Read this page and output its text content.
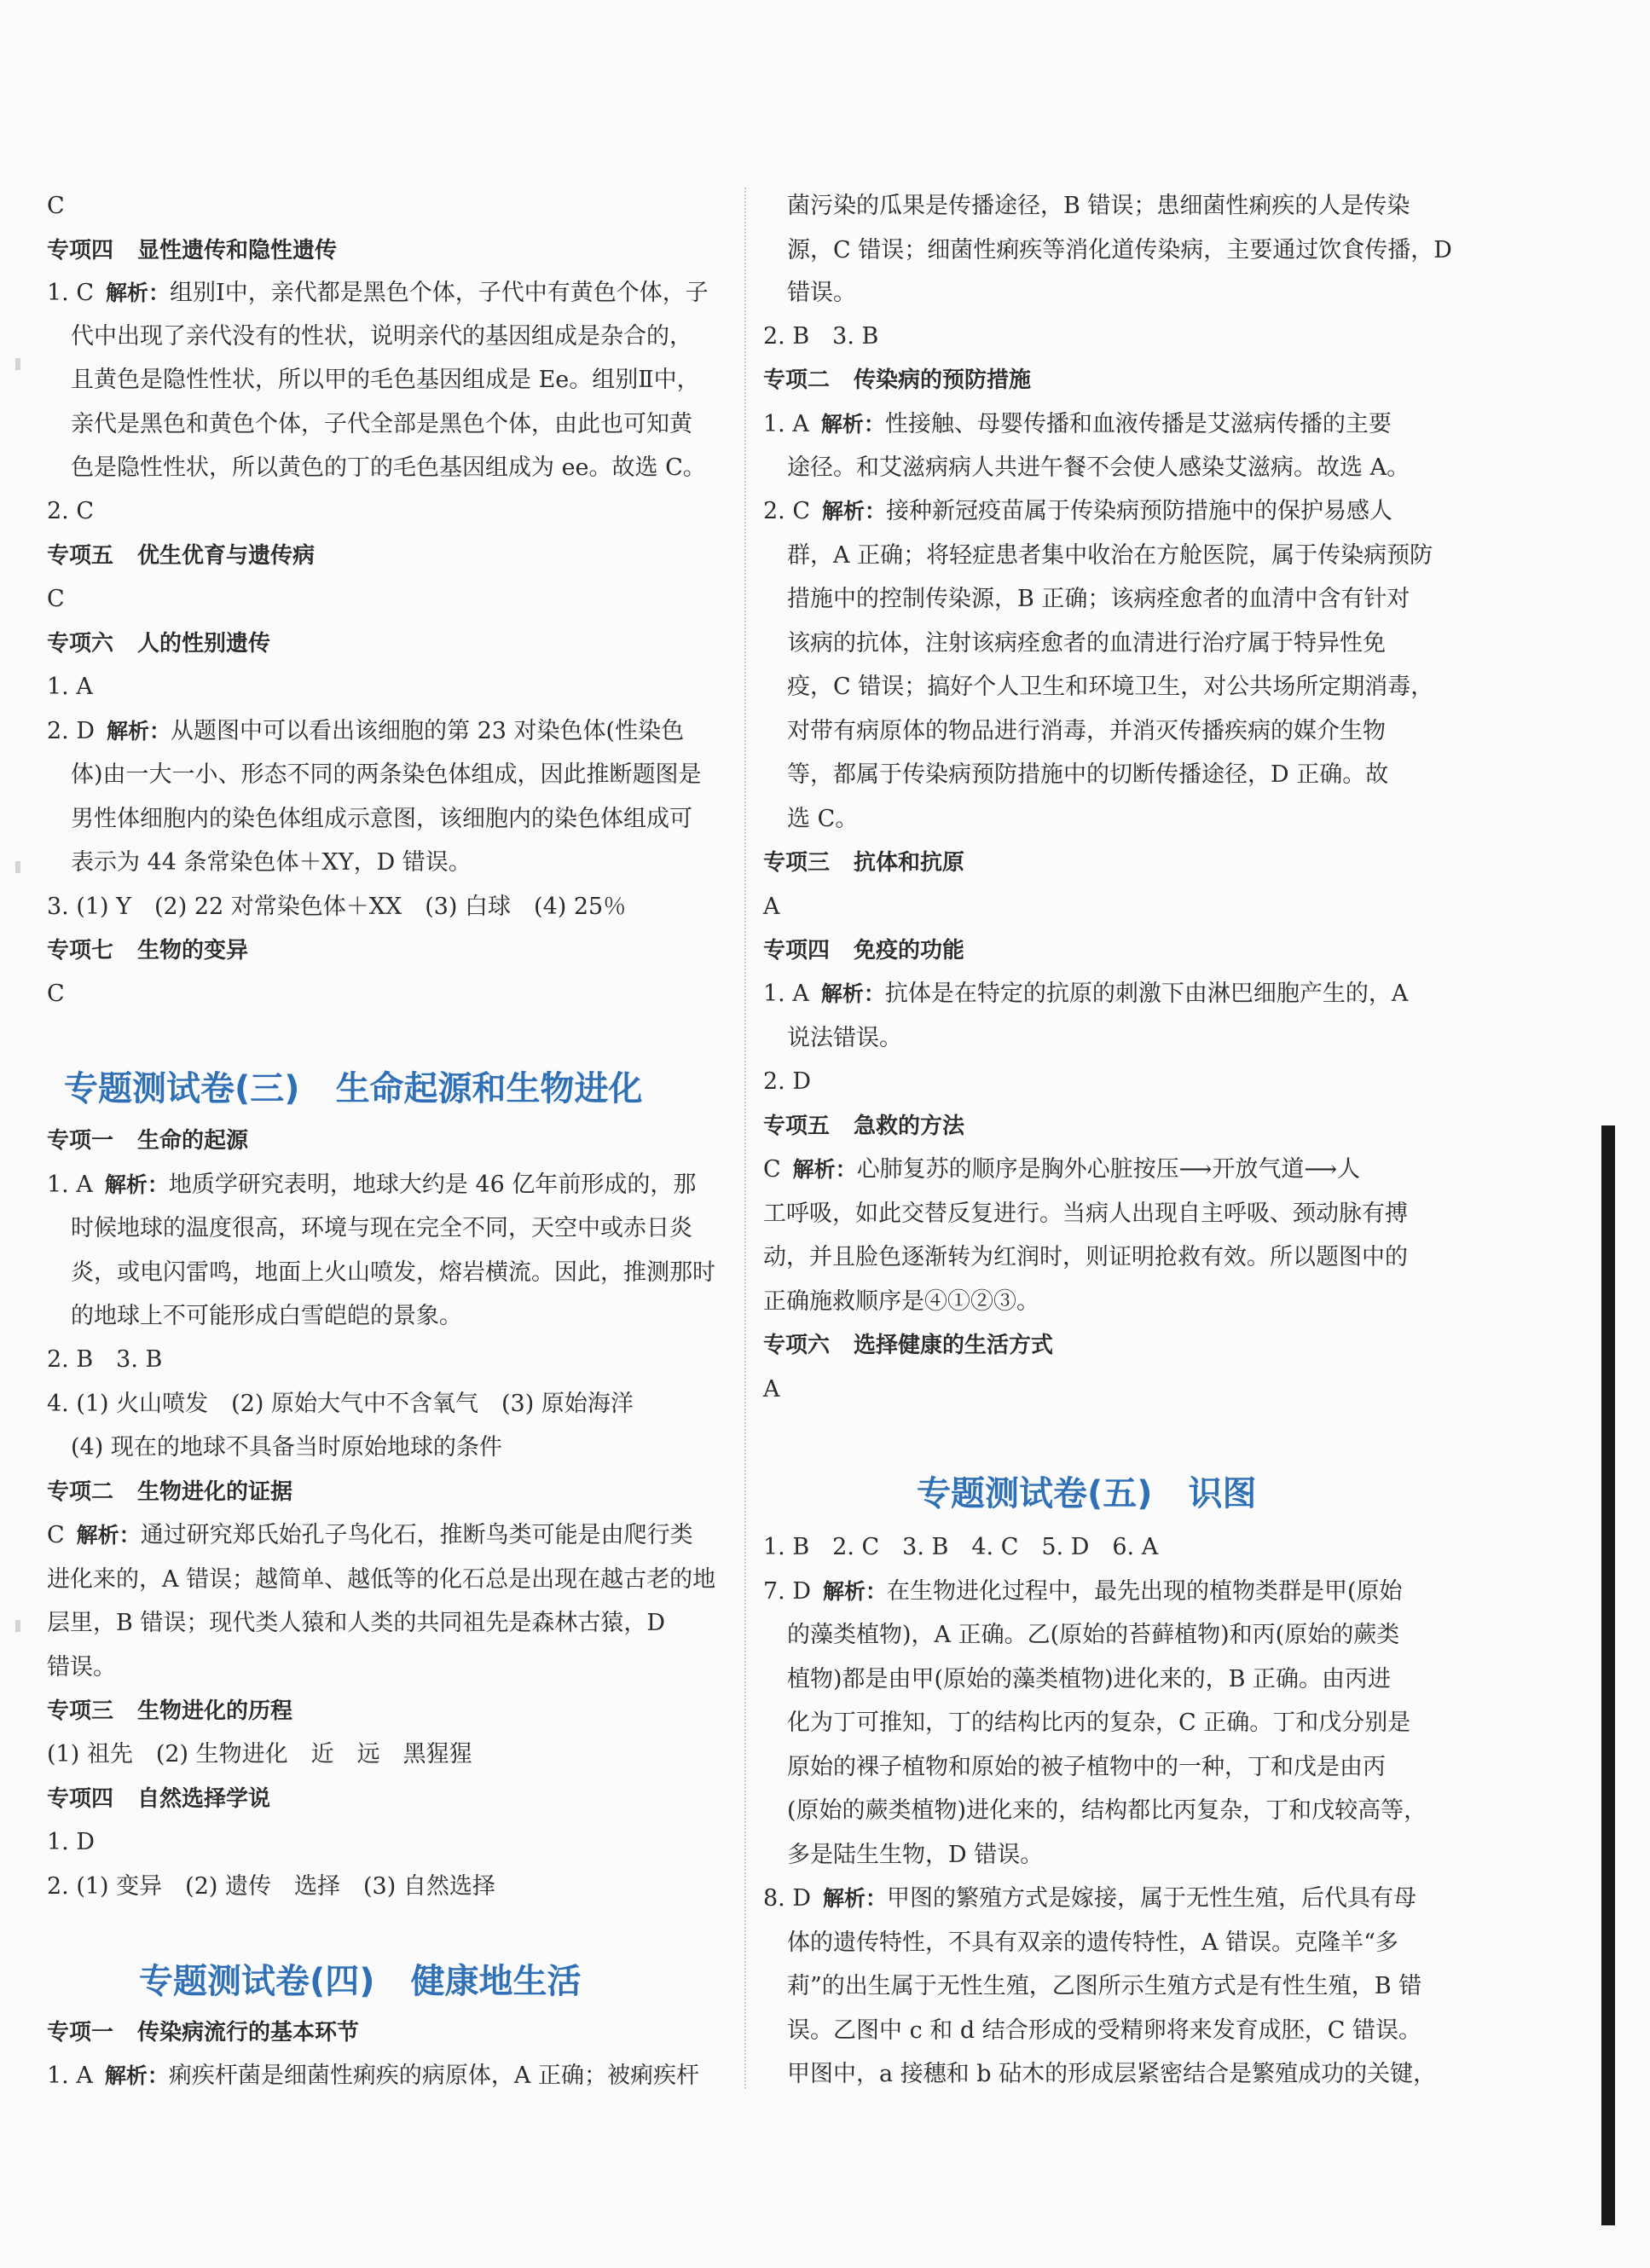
C
专项四 显性遗传和隐性遗传
1. C 解析：组别Ⅰ中，亲代都是黑色个体，子代中有黄色个体，子
代中出现了亲代没有的性状，说明亲代的基因组成是杂合的，
且黄色是隐性性状，所以甲的毛色基因组成是 Ee。组别Ⅱ中，
亲代是黑色和黄色个体，子代全部是黑色个体，由此也可知黄
色是隐性性状，所以黄色的丁的毛色基因组成为 ee。故选 C。
2. C
专项五 优生优育与遗传病
C
专项六 人的性别遗传
1. A
2. D 解析：从题图中可以看出该细胞的第 23 对染色体(性染色
体)由一大一小、形态不同的两条染色体组成，因此推断题图是
男性体细胞内的染色体组成示意图，该细胞内的染色体组成可
表示为 44 条常染色体＋XY，D 错误。
3. (1) Y　(2) 22 对常染色体＋XX　(3) 白球　(4) 25％
专项七 生物的变异
C
专题测试卷(三) 生命起源和生物进化
专项一 生命的起源
1. A 解析：地质学研究表明，地球大约是 46 亿年前形成的，那
时候地球的温度很高，环境与现在完全不同，天空中或赤日炎
炎，或电闪雷鸣，地面上火山喷发，熔岩横流。因此，推测那时
的地球上不可能形成白雪皑皑的景象。
2. B　3. B
4. (1) 火山喷发　(2) 原始大气中不含氧气　(3) 原始海洋
(4) 现在的地球不具备当时原始地球的条件
专项二 生物进化的证据
C 解析：通过研究郑氏始孔子鸟化石，推断鸟类可能是由爬行类
进化来的，A 错误；越简单、越低等的化石总是出现在越古老的地
层里，B 错误；现代类人猿和人类的共同祖先是森林古猿，D
错误。
专项三 生物进化的历程
(1) 祖先　(2) 生物进化　近　远　黑猩猩
专项四 自然选择学说
1. D
2. (1) 变异　(2) 遗传　选择　(3) 自然选择
专题测试卷(四) 健康地生活
专项一 传染病流行的基本环节
1. A 解析：痢疾杆菌是细菌性痢疾的病原体，A 正确；被痢疾杆
菌污染的瓜果是传播途径，B 错误；患细菌性痢疾的人是传染
源，C 错误；细菌性痢疾等消化道传染病，主要通过饮食传播，D
错误。
2. B　3. B
专项二 传染病的预防措施
1. A 解析：性接触、母婴传播和血液传播是艾滋病传播的主要
途径。和艾滋病病人共进午餐不会使人感染艾滋病。故选 A。
2. C 解析：接种新冠疫苗属于传染病预防措施中的保护易感人
群，A 正确；将轻症患者集中收治在方舱医院，属于传染病预防
措施中的控制传染源，B 正确；该病痊愈者的血清中含有针对
该病的抗体，注射该病痊愈者的血清进行治疗属于特异性免
疫，C 错误；搞好个人卫生和环境卫生，对公共场所定期消毒，
对带有病原体的物品进行消毒，并消灭传播疾病的媒介生物
等，都属于传染病预防措施中的切断传播途径，D 正确。故
选 C。
专项三 抗体和抗原
A
专项四 免疫的功能
1. A 解析：抗体是在特定的抗原的刺激下由淋巴细胞产生的，A
说法错误。
2. D
专项五 急救的方法
C 解析：心肺复苏的顺序是胸外心脏按压⟶开放气道⟶人
工呼吸，如此交替反复进行。当病人出现自主呼吸、颈动脉有搏
动，并且脸色逐渐转为红润时，则证明抢救有效。所以题图中的
正确施救顺序是④①②③。
专项六 选择健康的生活方式
A
专题测试卷(五) 识图
1. B　2. C　3. B　4. C　5. D　6. A
7. D 解析：在生物进化过程中，最先出现的植物类群是甲(原始
的藻类植物)，A 正确。乙(原始的苔藓植物)和丙(原始的蕨类
植物)都是由甲(原始的藻类植物)进化来的，B 正确。由丙进
化为丁可推知，丁的结构比丙的复杂，C 正确。丁和戊分别是
原始的裸子植物和原始的被子植物中的一种，丁和戊是由丙
(原始的蕨类植物)进化来的，结构都比丙复杂，丁和戊较高等，
多是陆生生物，D 错误。
8. D 解析：甲图的繁殖方式是嫁接，属于无性生殖，后代具有母
体的遗传特性，不具有双亲的遗传特性，A 错误。克隆羊“多
莉”的出生属于无性生殖，乙图所示生殖方式是有性生殖，B 错
误。乙图中 c 和 d 结合形成的受精卵将来发育成胚，C 错误。
甲图中，a 接穗和 b 砧木的形成层紧密结合是繁殖成功的关键，
